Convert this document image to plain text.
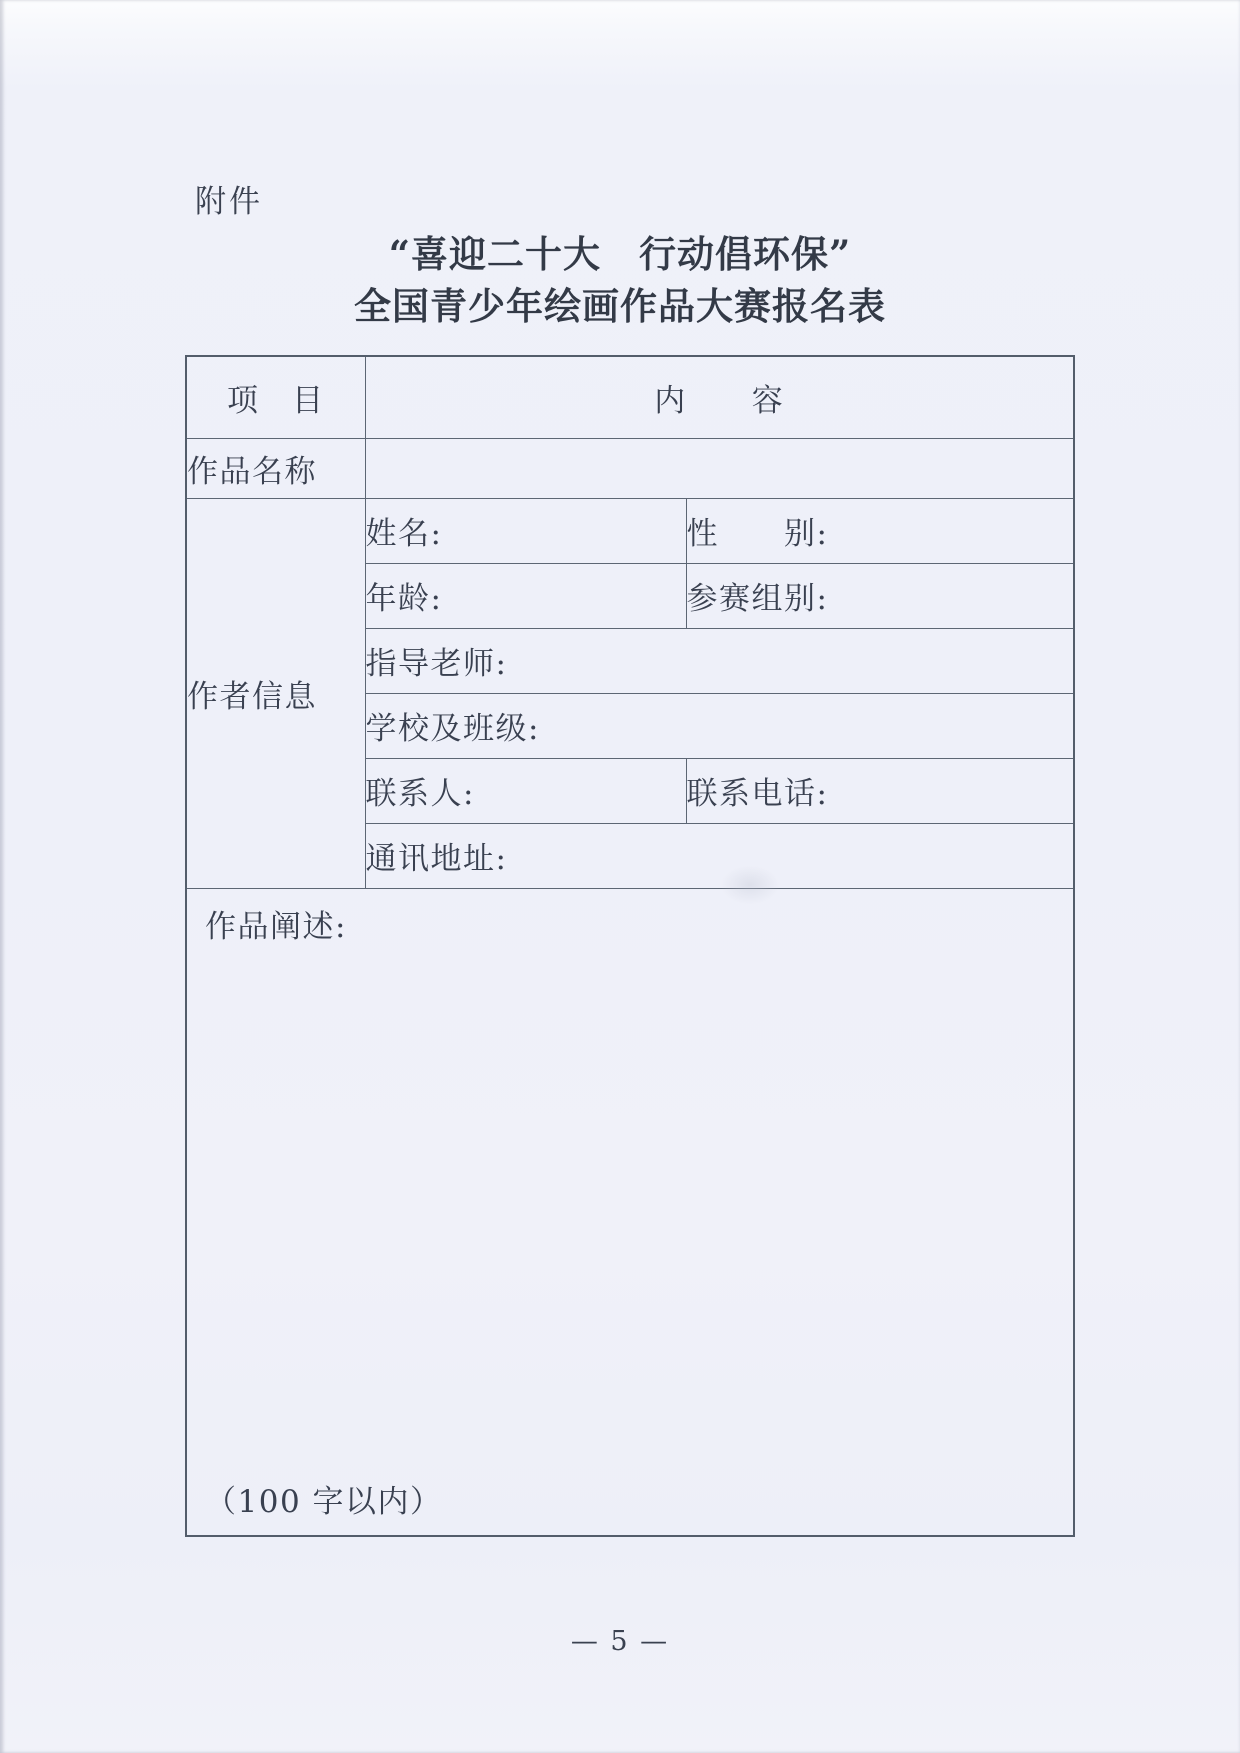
附件
“喜迎二十大　行动倡环保”
全国青少年绘画作品大赛报名表
项　目	内　　容	
作品名称		
作者信息	姓名:	性　　别:
	年龄:	参赛组别:
	指导老师:	
	学校及班级:	
	联系人:	联系电话:
	通讯地址:	

作品阐述:
（100 字以内）		
— 5 —
